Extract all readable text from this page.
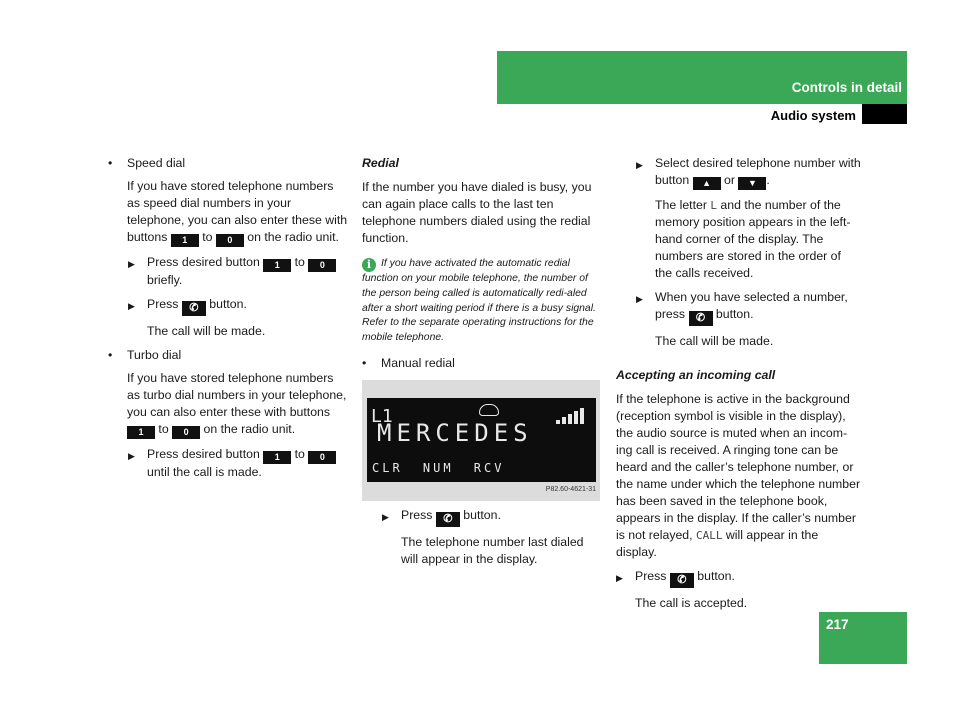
Controls in detail
Audio system
• Speed dial
If you have stored telephone numbers as speed dial numbers in your telephone, you can also enter these with buttons 1 to 0 on the radio unit.
▶ Press desired button 1 to 0 briefly.
▶ Press ✆ button.
The call will be made.
• Turbo dial
If you have stored telephone numbers as turbo dial numbers in your telephone, you can also enter these with buttons 1 to 0 on the radio unit.
▶ Press desired button 1 to 0 until the call is made.
Redial
If the number you have dialed is busy, you can again place calls to the last ten telephone numbers dialed using the redial function.
i If you have activated the automatic redial function on your mobile telephone, the number of the person being called is automatically redi-aled after a short waiting period if there is a busy signal.
Refer to the separate operating instructions for the mobile telephone.
• Manual redial
L1
MERCEDES
CLR NUM RCV
P82.60-4621-31
▶ Press ✆ button.
The telephone number last dialed will appear in the display.
▶ Select desired telephone number with button ▲ or ▼ .
The letter L and the number of the memory position appears in the left-hand corner of the display. The numbers are stored in the order of the calls received.
▶ When you have selected a number, press ✆ button.
The call will be made.
Accepting an incoming call
If the telephone is active in the background (reception symbol is visible in the display), the audio source is muted when an incom-ing call is received. A ringing tone can be heard and the caller’s telephone number, or the name under which the telephone number has been saved in the telephone book, appears in the display. If the caller’s number is not relayed, CALL will appear in the display.
▶ Press ✆ button.
The call is accepted.
217
